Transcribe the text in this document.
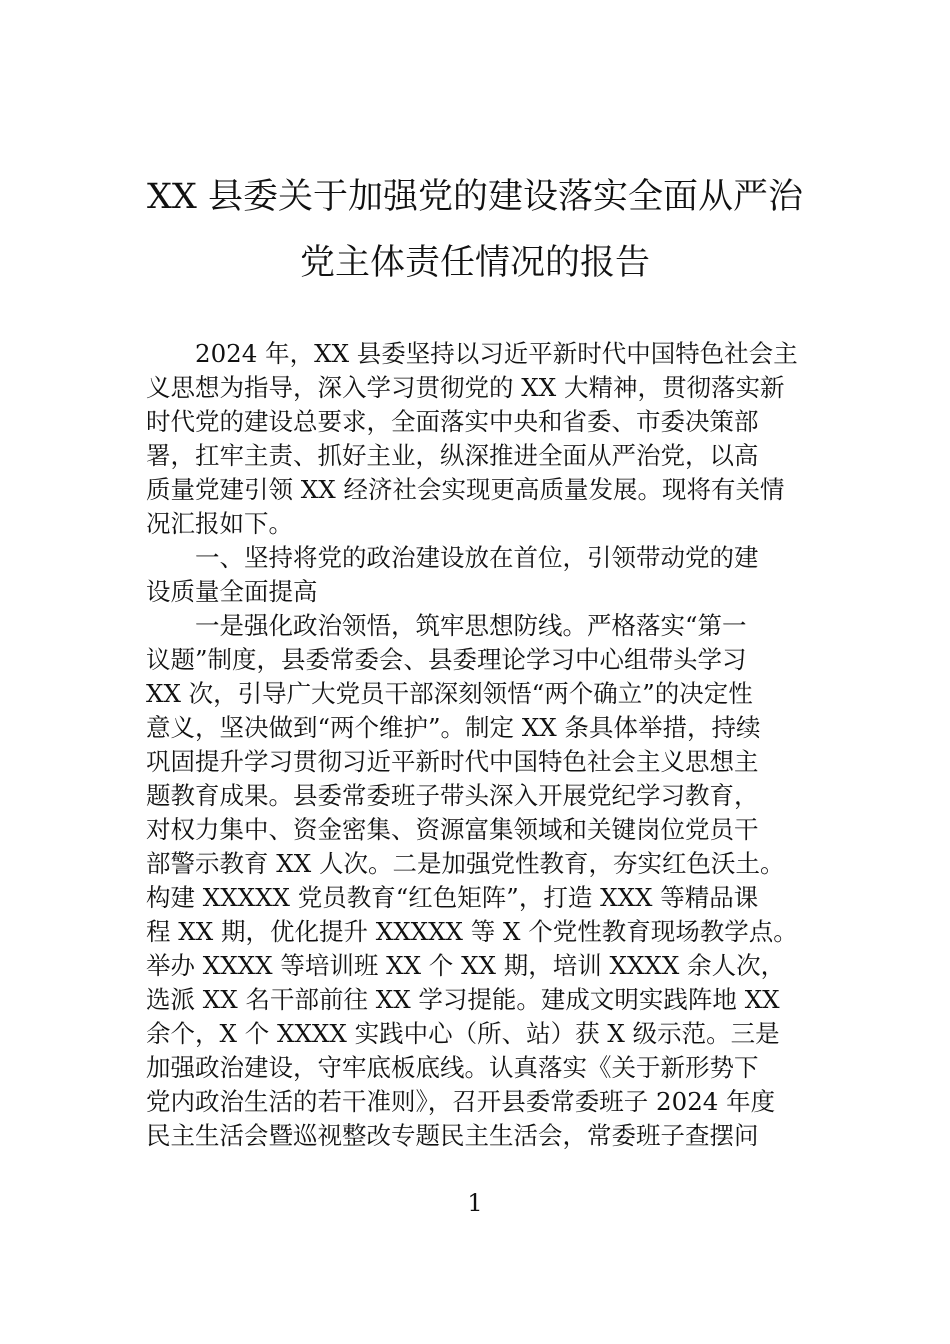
XX 县委关于加强党的建设落实全面从严治
党主体责任情况的报告
2024 年，XX 县委坚持以习近平新时代中国特色社会主
义思想为指导，深入学习贯彻党的 XX 大精神，贯彻落实新
时代党的建设总要求，全面落实中央和省委、市委决策部
署，扛牢主责、抓好主业，纵深推进全面从严治党，以高
质量党建引领 XX 经济社会实现更高质量发展。现将有关情
况汇报如下。
一、坚持将党的政治建设放在首位，引领带动党的建
设质量全面提高
一是强化政治领悟，筑牢思想防线。严格落实“第一
议题”制度，县委常委会、县委理论学习中心组带头学习
XX 次，引导广大党员干部深刻领悟“两个确立”的决定性
意义，坚决做到“两个维护”。制定 XX 条具体举措，持续
巩固提升学习贯彻习近平新时代中国特色社会主义思想主
题教育成果。县委常委班子带头深入开展党纪学习教育，
对权力集中、资金密集、资源富集领域和关键岗位党员干
部警示教育 XX 人次。二是加强党性教育，夯实红色沃土。
构建 XXXXX 党员教育“红色矩阵”，打造 XXX 等精品课
程 XX 期，优化提升 XXXXX 等 X 个党性教育现场教学点。
举办 XXXX 等培训班 XX 个 XX 期，培训 XXXX 余人次，
选派 XX 名干部前往 XX 学习提能。建成文明实践阵地 XX
余个，X 个 XXXX 实践中心（所、站）获 X 级示范。三是
加强政治建设，守牢底板底线。认真落实《关于新形势下
党内政治生活的若干准则》，召开县委常委班子 2024 年度
民主生活会暨巡视整改专题民主生活会，常委班子查摆问
1
